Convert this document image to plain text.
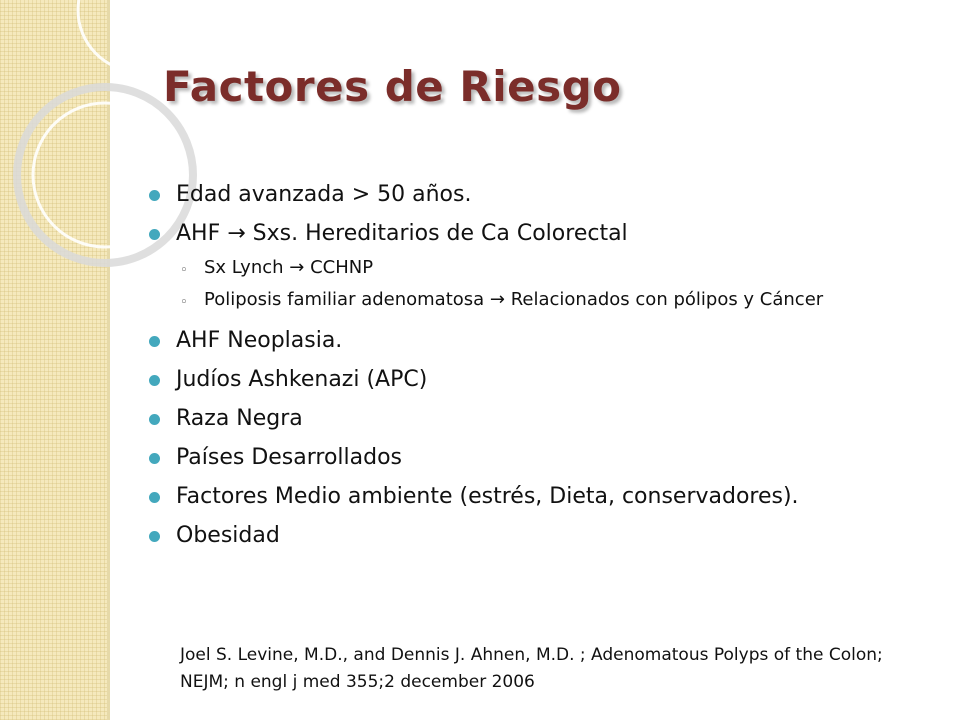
Factores de Riesgo
Edad avanzada > 50 años.
AHF → Sxs. Hereditarios de Ca Colorectal
◦ Sx Lynch → CCHNP
◦ Poliposis familiar adenomatosa → Relacionados con pólipos y Cáncer
AHF Neoplasia.
Judíos Ashkenazi (APC)
Raza Negra
Países Desarrollados
Factores Medio ambiente (estrés, Dieta, conservadores).
Obesidad

Joel S. Levine, M.D., and Dennis J. Ahnen, M.D. ; Adenomatous Polyps of the Colon; NEJM; n engl j med 355;2 december 2006
